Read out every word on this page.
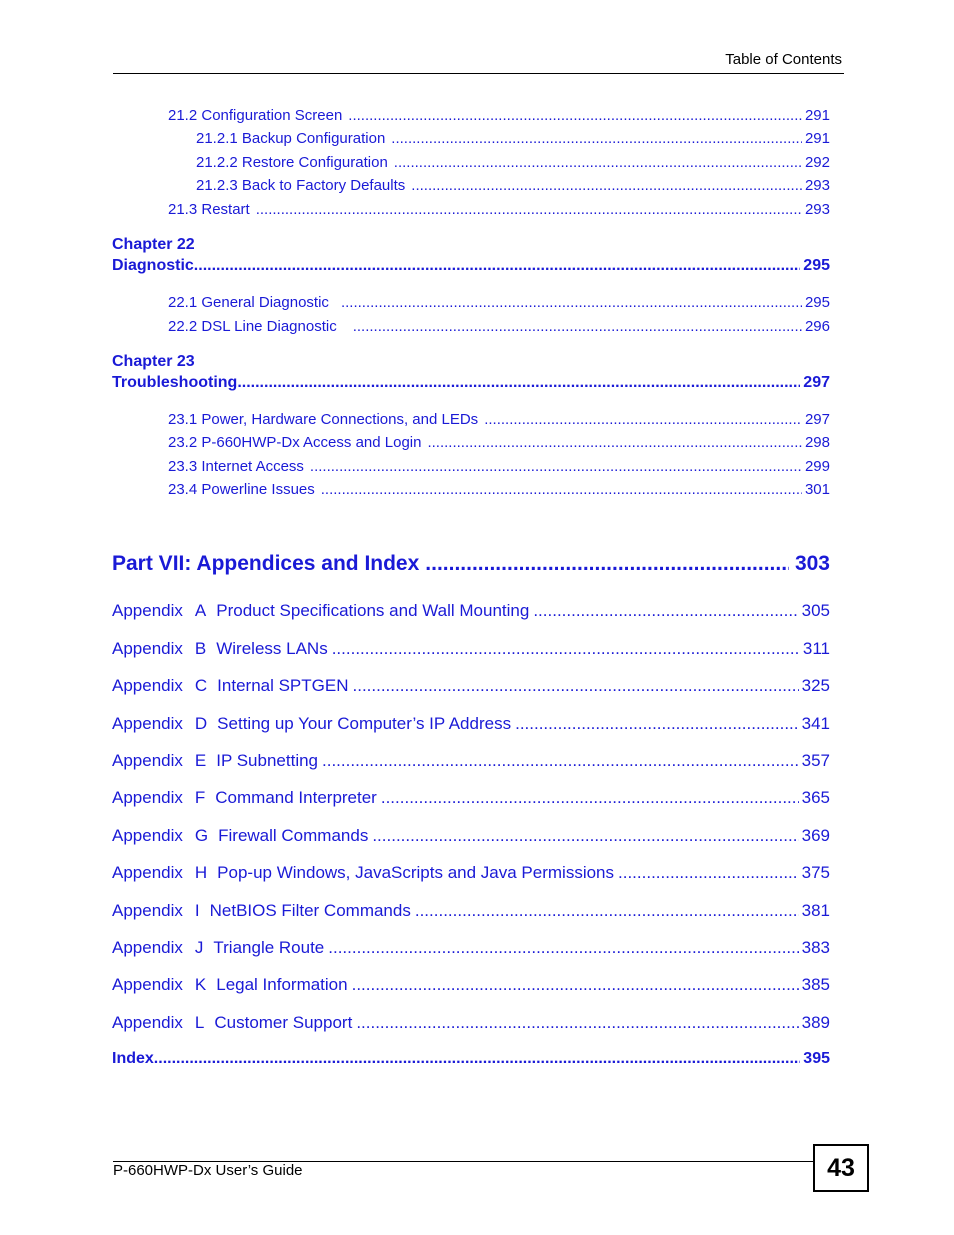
Table of Contents
21.2 Configuration Screen .....	291
21.2.1 Backup Configuration .....	291
21.2.2 Restore Configuration .....	292
21.2.3 Back to Factory Defaults .....	293
21.3 Restart .....	293
Chapter 22
Diagnostic .....	295
22.1 General Diagnostic .....	295
22.2 DSL Line Diagnostic .....	296
Chapter 23
Troubleshooting .....	297
23.1 Power, Hardware Connections, and LEDs .....	297
23.2 P-660HWP-Dx Access and Login .....	298
23.3 Internet Access .....	299
23.4 Powerline Issues .....	301
Part VII: Appendices and Index .....	303
Appendix A Product Specifications and Wall Mounting .....	305
Appendix B Wireless LANs .....	311
Appendix C Internal SPTGEN .....	325
Appendix D Setting up Your Computer’s IP Address .....	341
Appendix E IP Subnetting .....	357
Appendix F Command Interpreter .....	365
Appendix G Firewall Commands .....	369
Appendix H Pop-up Windows, JavaScripts and Java Permissions .....	375
Appendix I NetBIOS Filter Commands .....	381
Appendix J Triangle Route .....	383
Appendix K Legal Information .....	385
Appendix L Customer Support .....	389
Index .....	395
P-660HWP-Dx User’s Guide	43
